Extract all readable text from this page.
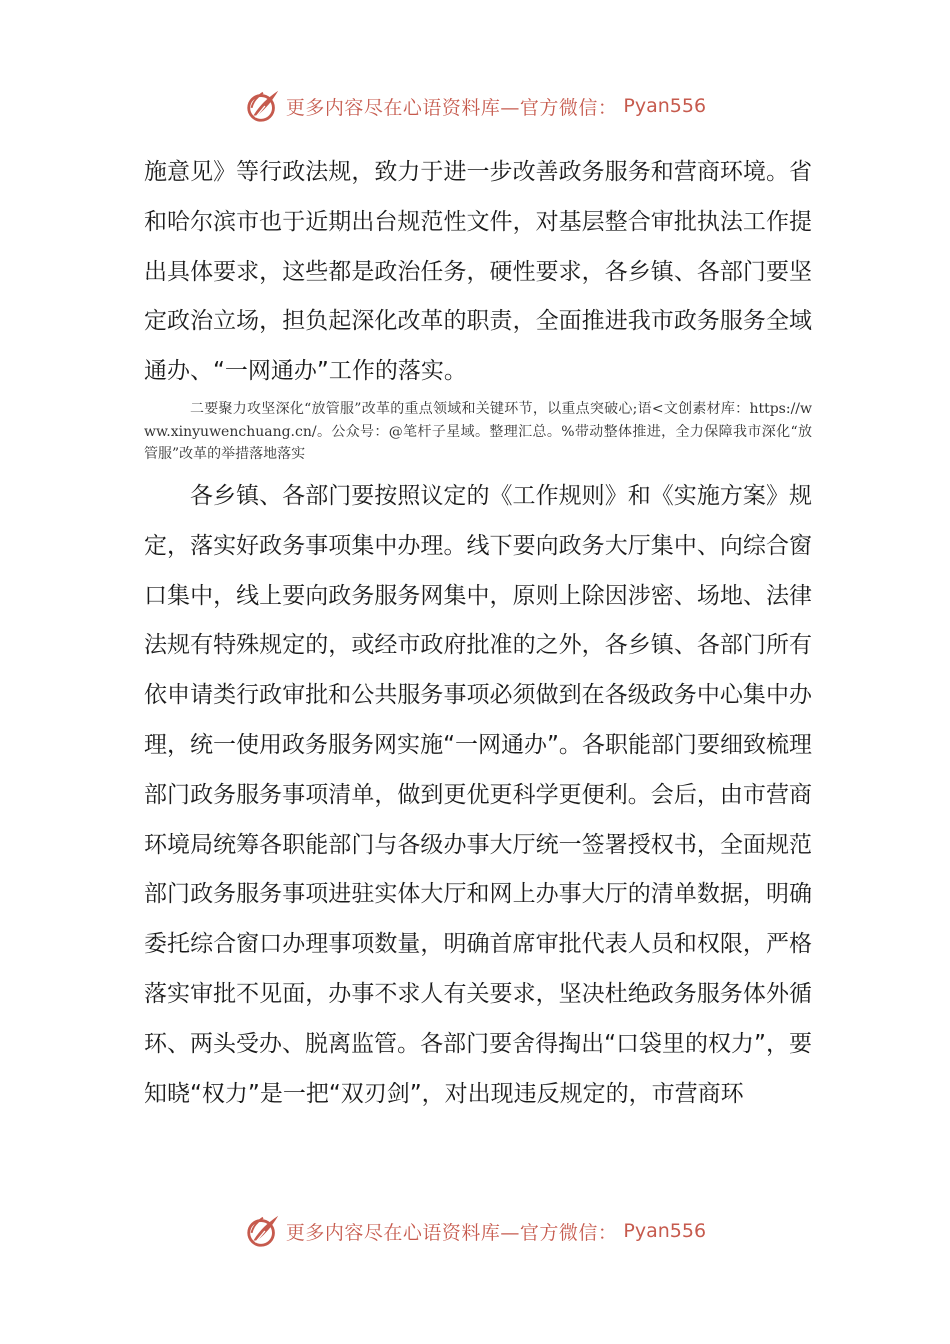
更多内容尽在心语资料库—官方微信： Pyan556

施意见》等行政法规，致力于进一步改善政务服务和营商环境。省和哈尔滨市也于近期出台规范性文件，对基层整合审批执法工作提出具体要求，这些都是政治任务，硬性要求，各乡镇、各部门要坚定政治立场，担负起深化改革的职责，全面推进我市政务服务全域通办、“一网通办”工作的落实。

二要聚力攻坚深化“放管服”改革的重点领域和关键环节，以重点突破心;语<文创素材库：https://www.xinyuwenchuang.cn/。公众号：@笔杆子星域。整理汇总。%带动整体推进，全力保障我市深化“放管服”改革的举措落地落实

各乡镇、各部门要按照议定的《工作规则》和《实施方案》规定，落实好政务事项集中办理。线下要向政务大厅集中、向综合窗口集中，线上要向政务服务网集中，原则上除因涉密、场地、法律法规有特殊规定的，或经市政府批准的之外，各乡镇、各部门所有依申请类行政审批和公共服务事项必须做到在各级政务中心集中办理，统一使用政务服务网实施“一网通办”。各职能部门要细致梳理部门政务服务事项清单，做到更优更科学更便利。会后，由市营商环境局统筹各职能部门与各级办事大厅统一签署授权书，全面规范部门政务服务事项进驻实体大厅和网上办事大厅的清单数据，明确委托综合窗口办理事项数量，明确首席审批代表人员和权限，严格落实审批不见面，办事不求人有关要求，坚决杜绝政务服务体外循环、两头受办、脱离监管。各部门要舍得掏出“口袋里的权力”，要知晓“权力”是一把“双刃剑”，对出现违反规定的，市营商环

更多内容尽在心语资料库—官方微信： Pyan556
